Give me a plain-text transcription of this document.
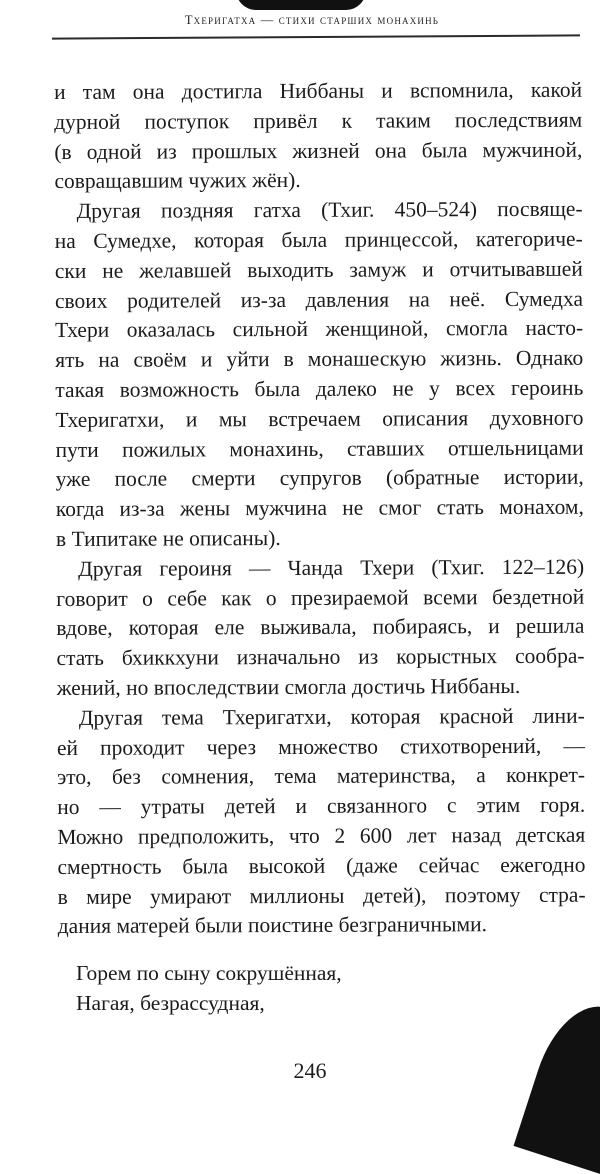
Тхеригатха — стихи старших монахинь
и там она достигла Ниббаны и вспомнила, какой
дурной поступок привёл к таким последствиям
(в одной из прошлых жизней она была мужчиной,
совращавшим чужих жён).
Другая поздняя гатха (Тхиг. 450–524) посвяще-
на Сумедхе, которая была принцессой, категориче-
ски не желавшей выходить замуж и отчитывавшей
своих родителей из-за давления на неё. Сумедха
Тхери оказалась сильной женщиной, смогла насто-
ять на своём и уйти в монашескую жизнь. Однако
такая возможность была далеко не у всех героинь
Тхеригатхи, и мы встречаем описания духовного
пути пожилых монахинь, ставших отшельницами
уже после смерти супругов (обратные истории,
когда из-за жены мужчина не смог стать монахом,
в Типитаке не описаны).
Другая героиня — Чанда Тхери (Тхиг. 122–126)
говорит о себе как о презираемой всеми бездетной
вдове, которая еле выживала, побираясь, и решила
стать бхиккхуни изначально из корыстных сообра-
жений, но впоследствии смогла достичь Ниббаны.
Другая тема Тхеригатхи, которая красной лини-
ей проходит через множество стихотворений, —
это, без сомнения, тема материнства, а конкрет-
но — утраты детей и связанного с этим горя.
Можно предположить, что 2 600 лет назад детская
смертность была высокой (даже сейчас ежегодно
в мире умирают миллионы детей), поэтому стра-
дания матерей были поистине безграничными.
Горем по сыну сокрушённая,
Нагая, безрассудная,
246
